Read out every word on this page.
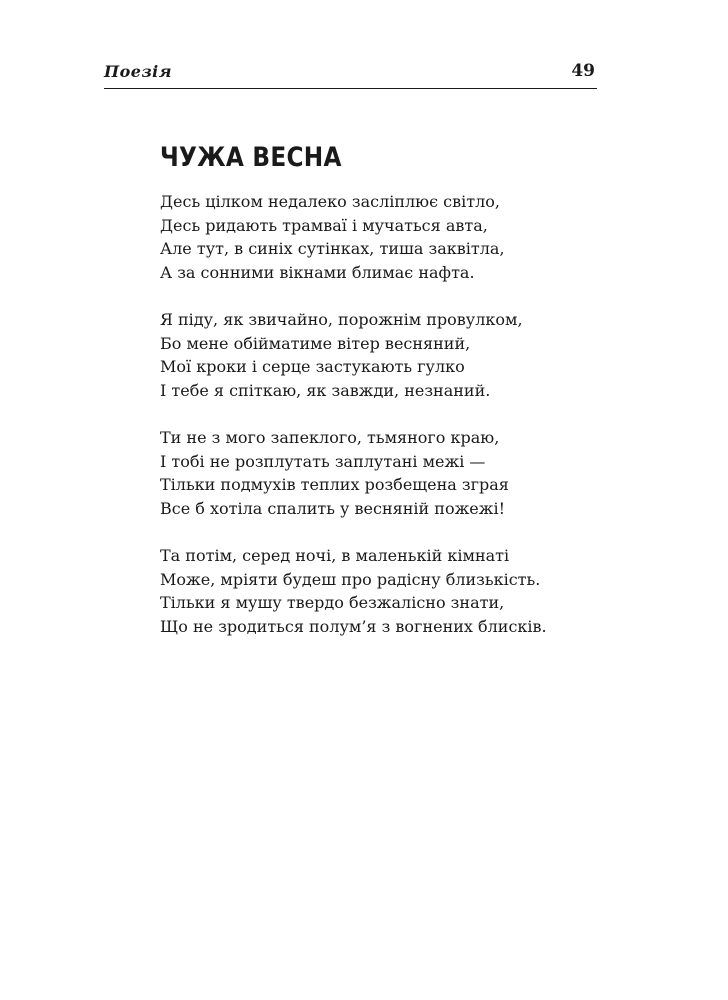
Поезія	49
ЧУЖА ВЕСНА

Десь цілком недалеко засліплює світло,
Десь ридають трамваї і мучаться авта,
Але тут, в синіх сутінках, тиша заквітла,
А за сонними вікнами блимає нафта.

Я піду, як звичайно, порожнім провулком,
Бо мене обійматиме вітер весняний,
Мої кроки і серце застукають гулко
І тебе я спіткаю, як завжди, незнаний.

Ти не з мого запеклого, тьмяного краю,
І тобі не розплутать заплутані межі —
Тільки подмухів теплих розбещена зграя
Все б хотіла спалить у весняній пожежі!

Та потім, серед ночі, в маленькій кімнаті
Може, мріяти будеш про радісну близькість.
Тільки я мушу твердо безжалісно знати,
Що не зродиться полум’я з вогнених блисків.
